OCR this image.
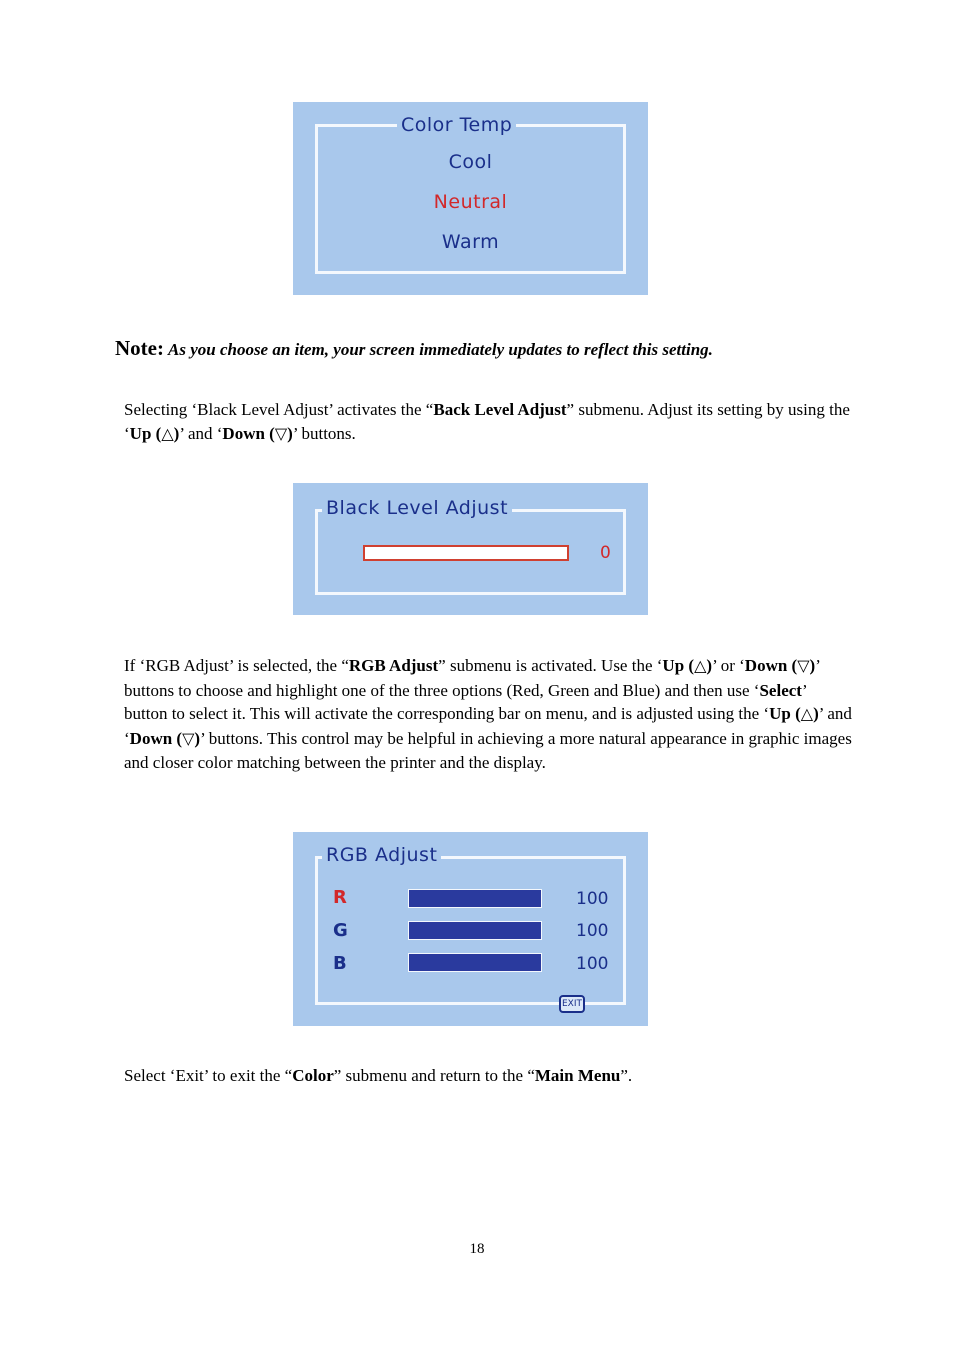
Color Temp
Cool
Neutral
Warm
Note: As you choose an item, your screen immediately updates to reflect this setting.
Selecting ‘Black Level Adjust’ activates the “Back Level Adjust” submenu. Adjust its setting by using the ‘Up (△)’ and ‘Down (▽)’ buttons.
Black Level Adjust
0
If ‘RGB Adjust’ is selected, the “RGB Adjust” submenu is activated. Use the ‘Up (△)’ or ‘Down (▽)’ buttons to choose and highlight one of the three options (Red, Green and Blue) and then use ‘Select’ button to select it. This will activate the corresponding bar on menu, and is adjusted using the ‘Up (△)’ and ‘Down (▽)’ buttons. This control may be helpful in achieving a more natural appearance in graphic images and closer color matching between the printer and the display.
RGB Adjust
R	100
G	100
B	100
EXIT
Select ‘Exit’ to exit the “Color” submenu and return to the “Main Menu”.
18
